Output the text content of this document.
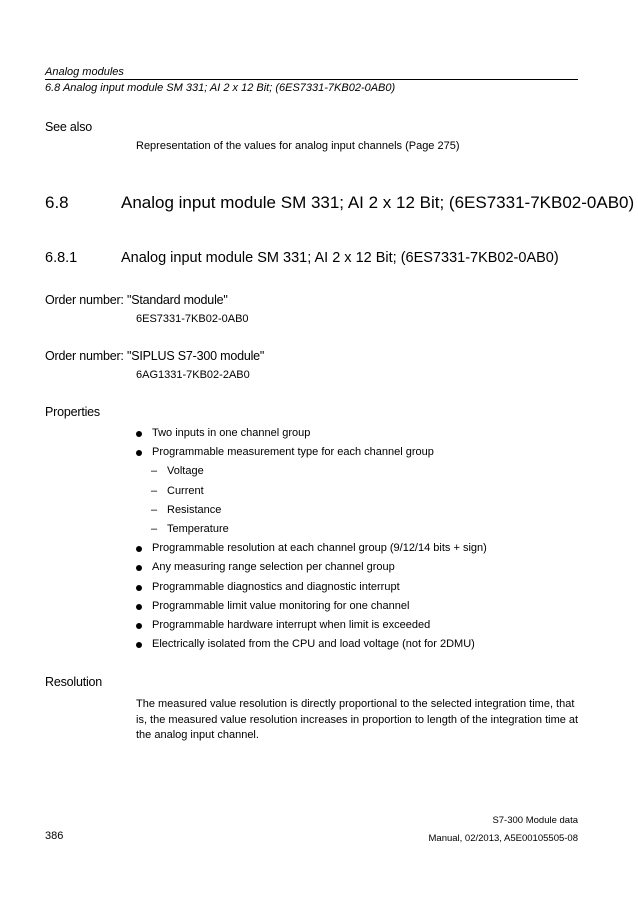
Analog modules
6.8 Analog input module SM 331; AI 2 x 12 Bit; (6ES7331-7KB02-0AB0)
See also
Representation of the values for analog input channels (Page 275)
6.8	Analog input module SM 331; AI 2 x 12 Bit; (6ES7331-7KB02-0AB0)
6.8.1	Analog input module SM 331; AI 2 x 12 Bit; (6ES7331-7KB02-0AB0)
Order number: "Standard module"
6ES7331-7KB02-0AB0
Order number: "SIPLUS S7-300 module"
6AG1331-7KB02-2AB0
Properties
Two inputs in one channel group
Programmable measurement type for each channel group
– Voltage
– Current
– Resistance
– Temperature
Programmable resolution at each channel group (9/12/14 bits + sign)
Any measuring range selection per channel group
Programmable diagnostics and diagnostic interrupt
Programmable limit value monitoring for one channel
Programmable hardware interrupt when limit is exceeded
Electrically isolated from the CPU and load voltage (not for 2DMU)
Resolution
The measured value resolution is directly proportional to the selected integration time, that is, the measured value resolution increases in proportion to length of the integration time at the analog input channel.
S7-300 Module data
Manual, 02/2013, A5E00105505-08
386
